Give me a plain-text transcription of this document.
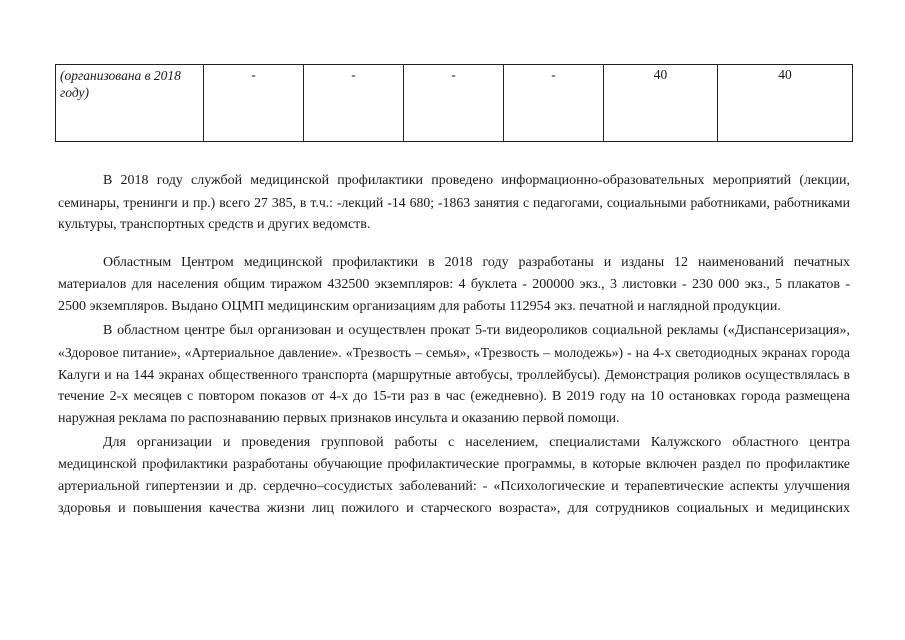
(организована в 2018 году)	-	-	-	-	40	40
В 2018 году службой медицинской профилактики проведено информационно-образовательных мероприятий (лекции,
семинары, тренинги и пр.) всего 27 385, в т.ч.: -лекций -14 680; -1863 занятия с педагогами, социальными работниками, работниками
культуры, транспортных средств и других ведомств.
Областным Центром медицинской профилактики в 2018 году разработаны и изданы 12 наименований печатных
материалов для населения общим тиражом 432500 экземпляров: 4 буклета - 200000 экз., 3 листовки - 230 000 экз., 5 плакатов -
2500 экземпляров. Выдано ОЦМП медицинским организациям для работы 112954 экз. печатной и наглядной продукции.
В областном центре был организован и осуществлен прокат 5-ти видеороликов социальной рекламы («Диспансеризация»,
«Здоровое питание», «Артериальное давление». «Трезвость – семья», «Трезвость – молодежь») - на 4-х светодиодных экранах города
Калуги и на 144 экранах общественного транспорта (маршрутные автобусы, троллейбусы). Демонстрация роликов осуществлялась в
течение 2-х месяцев с повтором показов от 4-х до 15-ти раз в час (ежедневно). В 2019 году на 10 остановках города размещена
наружная реклама по распознаванию первых признаков инсульта и оказанию первой помощи.
Для организации и проведения групповой работы с населением, специалистами Калужского областного центра
медицинской профилактики разработаны обучающие профилактические программы, в которые включен раздел по профилактике
артериальной гипертензии и др. сердечно–сосудистых заболеваний: - «Психологические и терапевтические аспекты улучшения
здоровья и повышения качества жизни лиц пожилого и старческого возраста», для сотрудников социальных и медицинских
